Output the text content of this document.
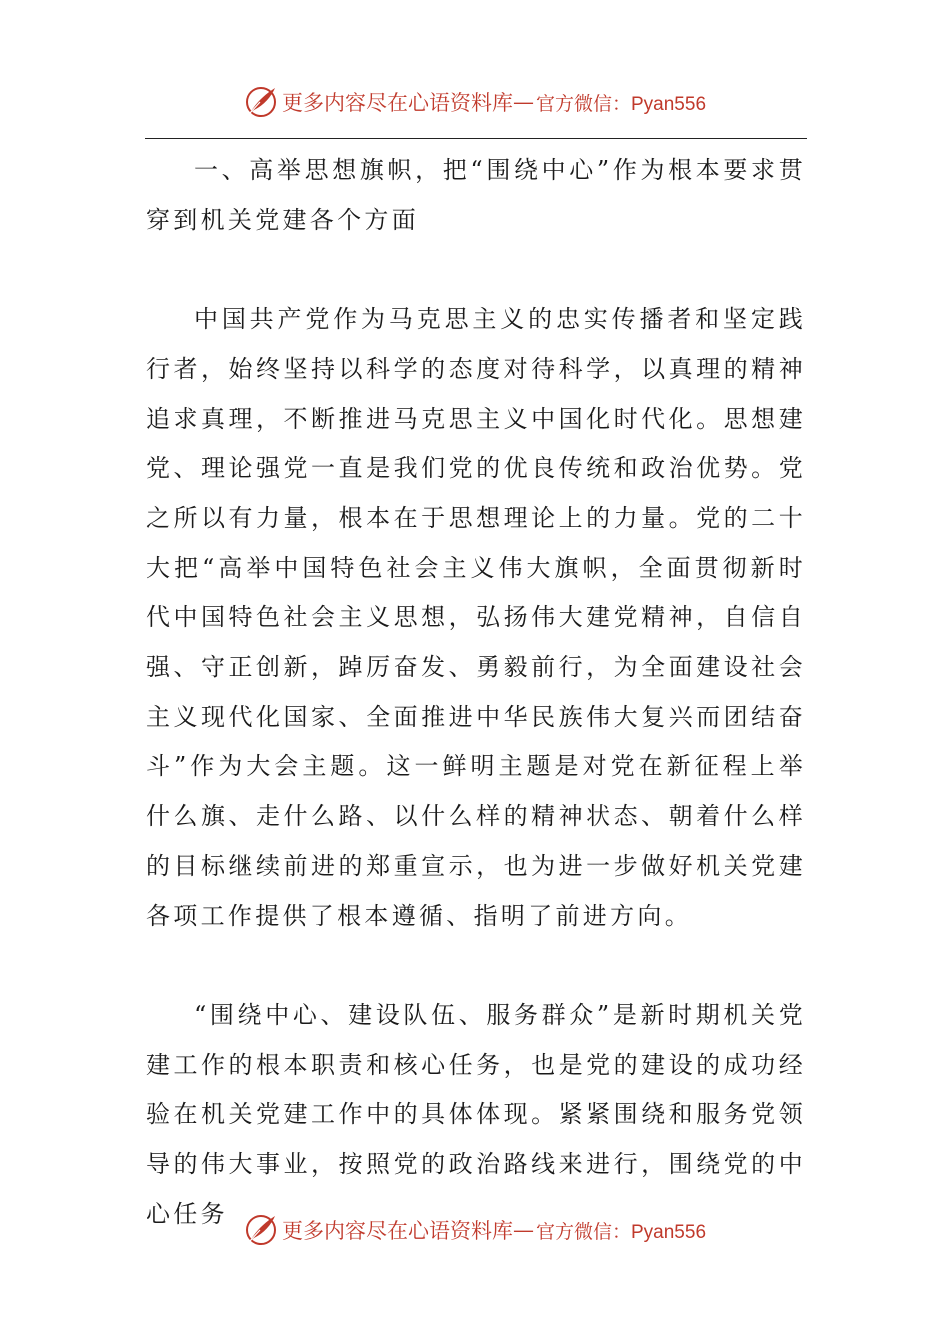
更多内容尽在心语资料库 — 官方微信：Pyan556

一、高举思想旗帜，把“围绕中心”作为根本要求贯穿到机关党建各个方面

中国共产党作为马克思主义的忠实传播者和坚定践行者，始终坚持以科学的态度对待科学，以真理的精神追求真理，不断推进马克思主义中国化时代化。思想建党、理论强党一直是我们党的优良传统和政治优势。党之所以有力量，根本在于思想理论上的力量。党的二十大把“高举中国特色社会主义伟大旗帜，全面贯彻新时代中国特色社会主义思想，弘扬伟大建党精神，自信自强、守正创新，踔厉奋发、勇毅前行，为全面建设社会主义现代化国家、全面推进中华民族伟大复兴而团结奋斗”作为大会主题。这一鲜明主题是对党在新征程上举什么旗、走什么路、以什么样的精神状态、朝着什么样的目标继续前进的郑重宣示，也为进一步做好机关党建各项工作提供了根本遵循、指明了前进方向。

“围绕中心、建设队伍、服务群众”是新时期机关党建工作的根本职责和核心任务，也是党的建设的成功经验在机关党建工作中的具体体现。紧紧围绕和服务党领导的伟大事业，按照党的政治路线来进行，围绕党的中心任务

更多内容尽在心语资料库 — 官方微信：Pyan556
